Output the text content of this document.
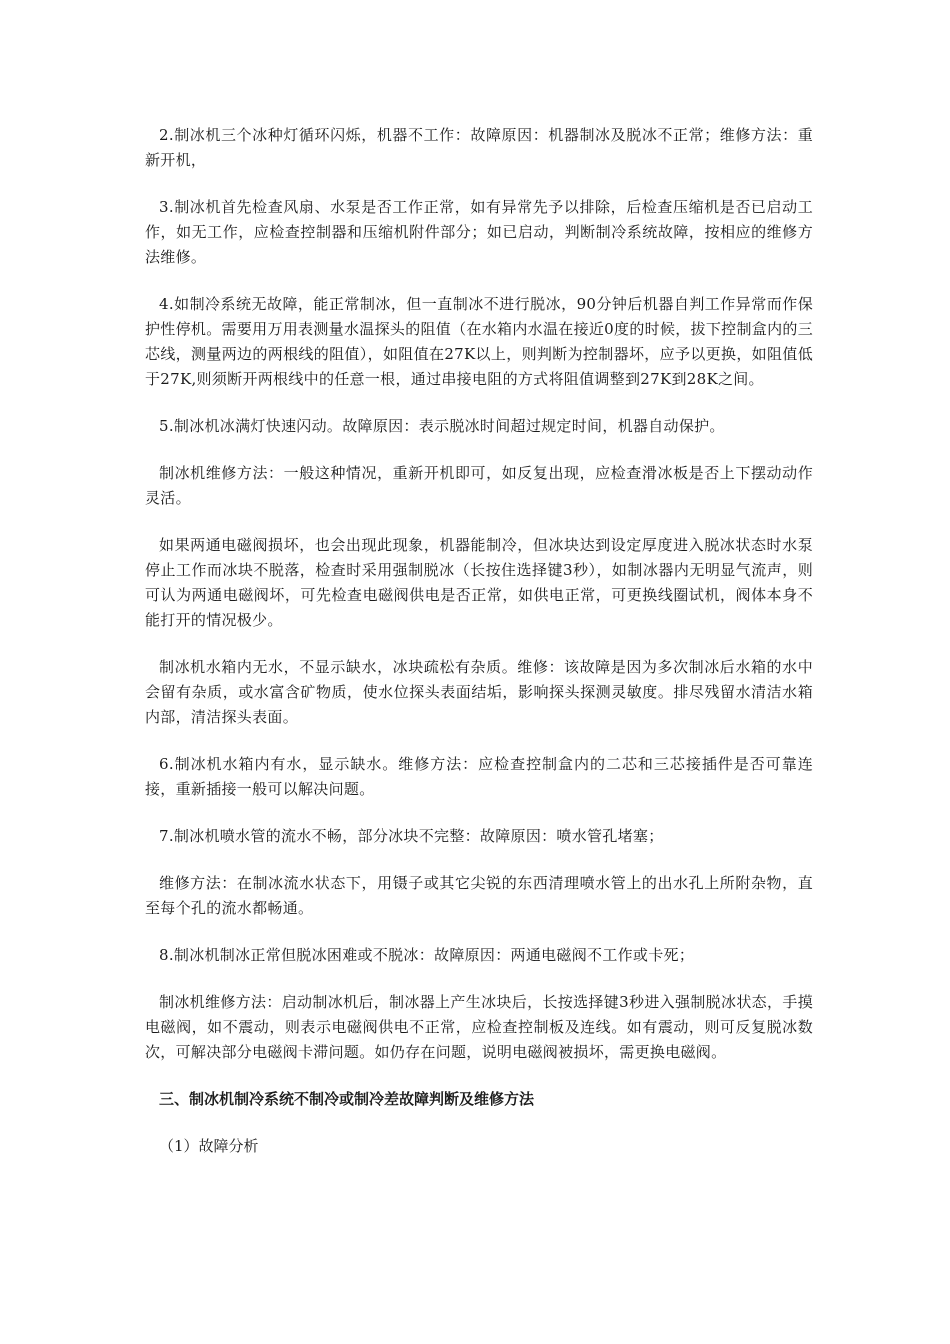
2.制冰机三个冰种灯循环闪烁，机器不工作：故障原因：机器制冰及脱冰不正常；维修方法：重新开机，

3.制冰机首先检查风扇、水泵是否工作正常，如有异常先予以排除，后检查压缩机是否已启动工作，如无工作，应检查控制器和压缩机附件部分；如已启动，判断制冷系统故障，按相应的维修方法维修。

4.如制冷系统无故障，能正常制冰，但一直制冰不进行脱冰，90分钟后机器自判工作异常而作保护性停机。需要用万用表测量水温探头的阻值（在水箱内水温在接近0度的时候，拔下控制盒内的三芯线，测量两边的两根线的阻值），如阻值在27K以上，则判断为控制器坏，应予以更换，如阻值低于27K,则须断开两根线中的任意一根，通过串接电阻的方式将阻值调整到27K到28K之间。

5.制冰机冰满灯快速闪动。故障原因：表示脱冰时间超过规定时间，机器自动保护。

制冰机维修方法：一般这种情况，重新开机即可，如反复出现，应检查滑冰板是否上下摆动动作灵活。

如果两通电磁阀损坏，也会出现此现象，机器能制冷，但冰块达到设定厚度进入脱冰状态时水泵停止工作而冰块不脱落，检查时采用强制脱冰（长按住选择键3秒），如制冰器内无明显气流声，则可认为两通电磁阀坏，可先检查电磁阀供电是否正常，如供电正常，可更换线圈试机，阀体本身不能打开的情况极少。

制冰机水箱内无水，不显示缺水，冰块疏松有杂质。维修：该故障是因为多次制冰后水箱的水中会留有杂质，或水富含矿物质，使水位探头表面结垢，影响探头探测灵敏度。排尽残留水清洁水箱内部，清洁探头表面。

6.制冰机水箱内有水，显示缺水。维修方法：应检查控制盒内的二芯和三芯接插件是否可靠连接，重新插接一般可以解决问题。

7.制冰机喷水管的流水不畅，部分冰块不完整：故障原因：喷水管孔堵塞；

维修方法：在制冰流水状态下，用镊子或其它尖锐的东西清理喷水管上的出水孔上所附杂物，直至每个孔的流水都畅通。

8.制冰机制冰正常但脱冰困难或不脱冰：故障原因：两通电磁阀不工作或卡死；

制冰机维修方法：启动制冰机后，制冰器上产生冰块后，长按选择键3秒进入强制脱冰状态，手摸电磁阀，如不震动，则表示电磁阀供电不正常，应检查控制板及连线。如有震动，则可反复脱冰数次，可解决部分电磁阀卡滞问题。如仍存在问题，说明电磁阀被损坏，需更换电磁阀。

三、制冰机制冷系统不制冷或制冷差故障判断及维修方法

（1）故障分析
